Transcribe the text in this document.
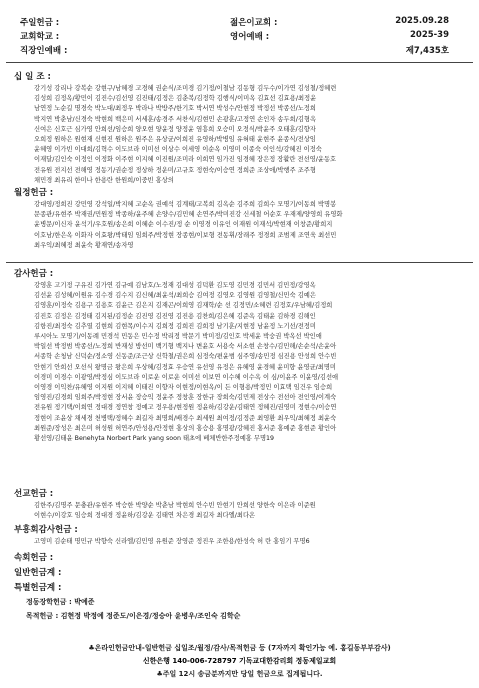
주일헌금 :
교회학교 :
직장인예배 :
젊은이교회 :
영어예배 :
2025.09.28
2025-39
제7,435호
십 일 조 :
강기성 강리나 강복순 강현구/남혜경 고경혜 권순식/조미경 김기정/이철남 김동형 김두수/이가연 김성철/정혜련
김성희 김정옥/황민이 김진수/김선영 김진태/김정은 김춘복/김정학 김행식/이미옥 김효선 김효용/최정윤
남연정 노순길 명경숙 박노대/최정우 박라나 박방주/한기호 박서연 박성수/안현정 박정선 박종선/노정희
박지연 박춘남/신경숙 박현희 백은미 서세훈/송경주 서찬식/김현민 손광훈/고정연 손인자 송두희/김형옥
신여은 신호근 심가영 안희선/임승희 양오현 양윤정 양정윤 염흥희 오승미 오정식/박윤주 오태훈/김향자
오희정 원하은 원현재 신현진 원하은 원주은 유상균/이희진 유영하/박병임 유혀태 윤현주 윤종식/전상임
윤혜영 이가빈 이대희/김혁수 이도브라 이미선 이상수 이세영 이순옥 이영미 이종숙 이인석/강혜진 이정숙
이재달/김인숙 이정인 이정화 이주현 이지혜 이진원/조미라 이희연 임가진 임경혜 장은정 장활란 전선영/윤동호
전유원 전지선 전해영 정동기/권순정 정상하 정운미/고규호 정현숙/이승연 정희준 조상애/박행주 조주형
채민경 최유리 한미나 한용란 한원희/이중빈 홍상의
월정헌금 :
강대영/정희진 강민영 강석일/박지혜 고순옥 권예석 김계태/고복희 김옥순 김주희 김희수 모명기/이동희 박명봉
문종관/유현주 박재권/민원정 박종하/윤주혜 손양수/김민혜 손연주/박미진강 신세철 어순호 우재제/양영희 유영화
윤병문/이신자 윤석기/우호원/송은희 이혜순 이수진/정 순 이영경 이유인 이재원 이재석/박현재 이창준/황희지
이호남/한은옥 이화자 이효왕/박태임 임희주/박정현 장종현/이보형 전동휘/장래주 정경희 조범제 조연욱 최선민
최우익/최혜정 최윤숙 황재연/송자영
감사헌금 :
강영훈 고기정 구유진 김가연 김규예 김남호/노정재 김대성 김덕환 김도영 김민경 김민서 김민정/강영옥
김선윤 김성혜/이원유 김수경 김수지 김신혜/최윤석/최희승 김여정 김영오 김영원 김영철/신민숙 김예은
김영훈/이정숙 김용구 김용호 김윤근 김은지 김재곤/이희영 김재학/순 선 김정민/소혜련 김정호/우남혜/김정희
김진호 김정은 김정태 김지된/김정순 김진영 김진영 김진용 김찬희/김은혜 김준옥 김태윤 김하경 김해인
김항진/최정숙 김추열 김현희 김현목/이수지 김희정 김희진 김희정 남기훈/지현정 남윤정 노기선/전정미
루시아노 모명기/이동례 민경석 민동은 민수정 박리정 박문기 박미정/김인호 박세윤 박숭권 박옥선 박인애
박일선 박정범 박종선/노정희 반재성 방선미 백기형 백지나 변윤호 서용숙 서소현 손창수/김민해/손순석/손윤아
서종학 손청남 신덕순/정소영 신동준/조근상 신학철/권은희 심정숙/편윤범 심주영/송민정 심진용 안성희 안수빈
안현기 안희선 오선식 왕명금 왕은희 우상혜/김정효 우승연 유선영 유정은 유혜영 윤경혜 윤미향 윤영균/최명미
이경미 이경수 이광영/박정심 이도브라 이로운 이로운 이미선 이보연 이수혜 이수옥 이 심/이윤주 이윤영/김선애
이영경 이익찬/유혜영 이지원 이지혜 이태진 이향자 이현정/이현옥/이 든 이형용/박정민 이효택 임건우 임승희
임영진/김경희 임희주/박정현 장서윤 장승익 정윤주 정창훈 장한규 장희숙/김민제 전상수 전선아 전인영/이계숙
전유원 정기택/이희연 정대경 정연창 정예고 정우용/현정원 정윤하/김강운/김태연 정혜진/권영미 정현수/이승연
정현이 조윤상 채세경 천병택/정혜수 최길자 최명희/배경수 최세원 최여정/김정준 최영환 최우익/최혜정 최윤숙
최원준/장성은 최은미 허성원 허연주/안성용/안정현 홍상의 홍승용 홍명광/강혜진 홍서준 홍예준 홍현준 황인아
황선영/김태윤 Benehyta Norbert Park yang soon 태초에 베체반한주정예홍 무명19
선교헌금 :
김한주/김명주 문충관/유현주 박승한 박양순 박춘남 박현희 안수빈 안현기 안희선 양한숙 이은라 이준원
이현수/이강호 임승희 정대경 정윤하/김강운 김태연 차은경 최길자 최다엘/최다온
부흥회감사헌금 :
고영미 김순태 명민규 박향숙 신라엘/김민영 유원준 장영준 정진우 조한용/한성숙 허 란 홍임기 무명6
속회헌금 :
일반헌금계 :
특별헌금계 :
정동장학헌금 : 박예준
목적헌금 : 김현정 박정예 정준도/이은경/정승아 윤병우/조인숙 김학순
♣온라인헌금안내-일반헌금 십일조/월정/감사/목적헌금 등 (7자까지 확인가능 예. 홍길동부부감사)
신한은행 140-006-728797 기독교대한감리회 정동제일교회
♣주일 12시 송금분까지만 당일 헌금으로 집계됩니다.
